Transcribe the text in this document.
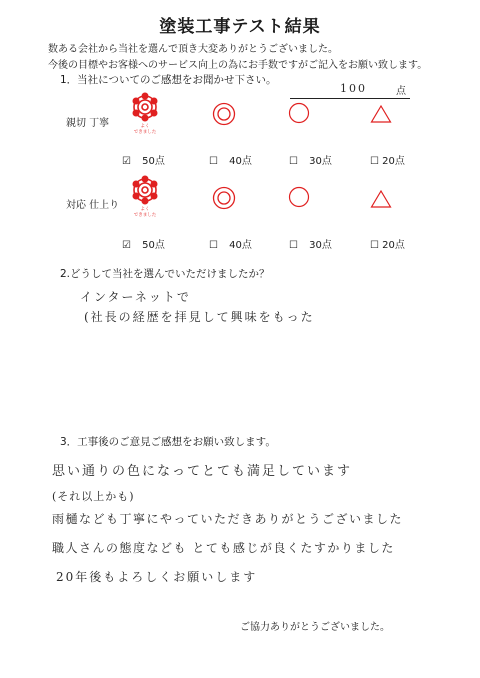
塗装工事テスト結果
数ある会社から当社を選んで頂き大変ありがとうございました。
今後の目標やお客様へのサービス向上の為にお手数ですがご記入をお願い致します。
1．当社についてのご感想をお聞かせ下さい。
100	点
親切 丁寧	よく
できました
☑ 50点	☐ 40点	☐ 30点	☐ 20点
対応 仕上り	よく
できました
☑ 50点	☐ 40点	☐ 30点	☐ 20点
2.どうして当社を選んでいただけましたか？
インターネットで
(社長の経歴を拝見して興味をもった
3．工事後のご意見ご感想をお願い致します。
思い通りの色になってとても満足しています
(それ以上かも)
雨樋なども丁寧にやっていただきありがとうございました
職人さんの態度なども とても感じが良くたすかりました
20年後もよろしくお願いします
ご協力ありがとうございました。
